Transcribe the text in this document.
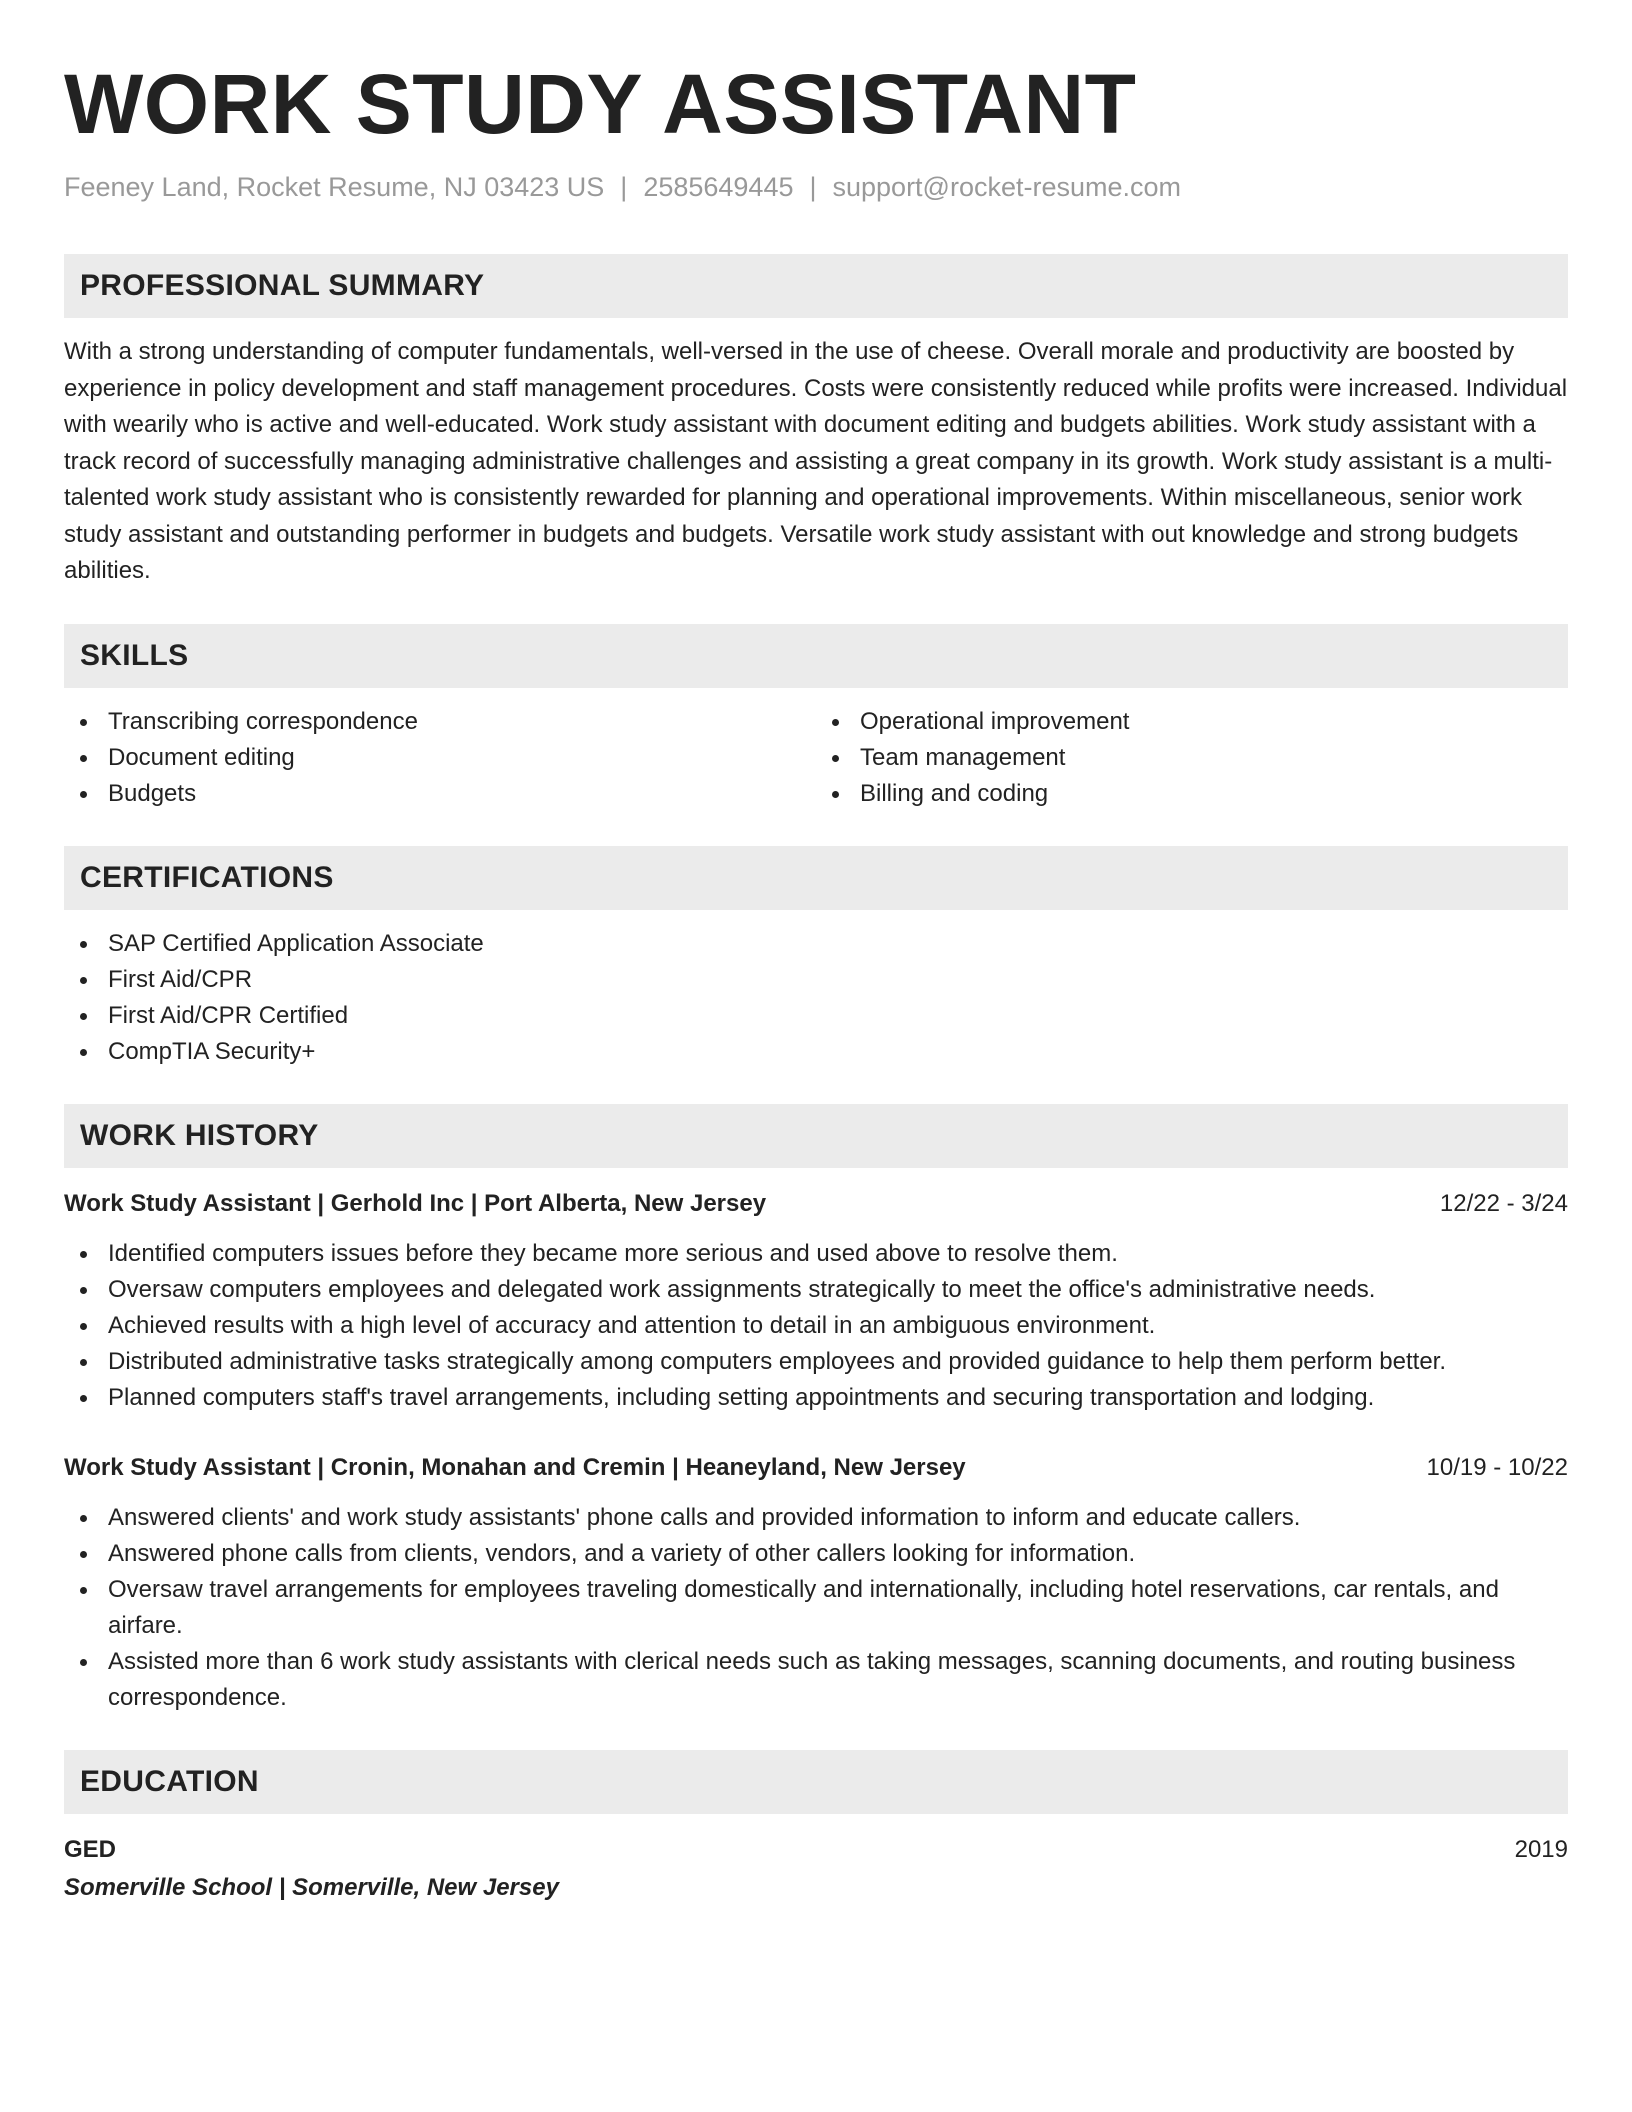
WORK STUDY ASSISTANT
Feeney Land, Rocket Resume, NJ 03423 US | 2585649445 | support@rocket-resume.com
PROFESSIONAL SUMMARY
With a strong understanding of computer fundamentals, well-versed in the use of cheese. Overall morale and productivity are boosted by experience in policy development and staff management procedures. Costs were consistently reduced while profits were increased. Individual with wearily who is active and well-educated. Work study assistant with document editing and budgets abilities. Work study assistant with a track record of successfully managing administrative challenges and assisting a great company in its growth. Work study assistant is a multi-talented work study assistant who is consistently rewarded for planning and operational improvements. Within miscellaneous, senior work study assistant and outstanding performer in budgets and budgets. Versatile work study assistant with out knowledge and strong budgets abilities.
SKILLS
Transcribing correspondence
Document editing
Budgets
Operational improvement
Team management
Billing and coding
CERTIFICATIONS
SAP Certified Application Associate
First Aid/CPR
First Aid/CPR Certified
CompTIA Security+
WORK HISTORY
Work Study Assistant | Gerhold Inc | Port Alberta, New Jersey	12/22 - 3/24
Identified computers issues before they became more serious and used above to resolve them.
Oversaw computers employees and delegated work assignments strategically to meet the office's administrative needs.
Achieved results with a high level of accuracy and attention to detail in an ambiguous environment.
Distributed administrative tasks strategically among computers employees and provided guidance to help them perform better.
Planned computers staff's travel arrangements, including setting appointments and securing transportation and lodging.
Work Study Assistant | Cronin, Monahan and Cremin | Heaneyland, New Jersey	10/19 - 10/22
Answered clients' and work study assistants' phone calls and provided information to inform and educate callers.
Answered phone calls from clients, vendors, and a variety of other callers looking for information.
Oversaw travel arrangements for employees traveling domestically and internationally, including hotel reservations, car rentals, and airfare.
Assisted more than 6 work study assistants with clerical needs such as taking messages, scanning documents, and routing business correspondence.
EDUCATION
GED	2019
Somerville School | Somerville, New Jersey
